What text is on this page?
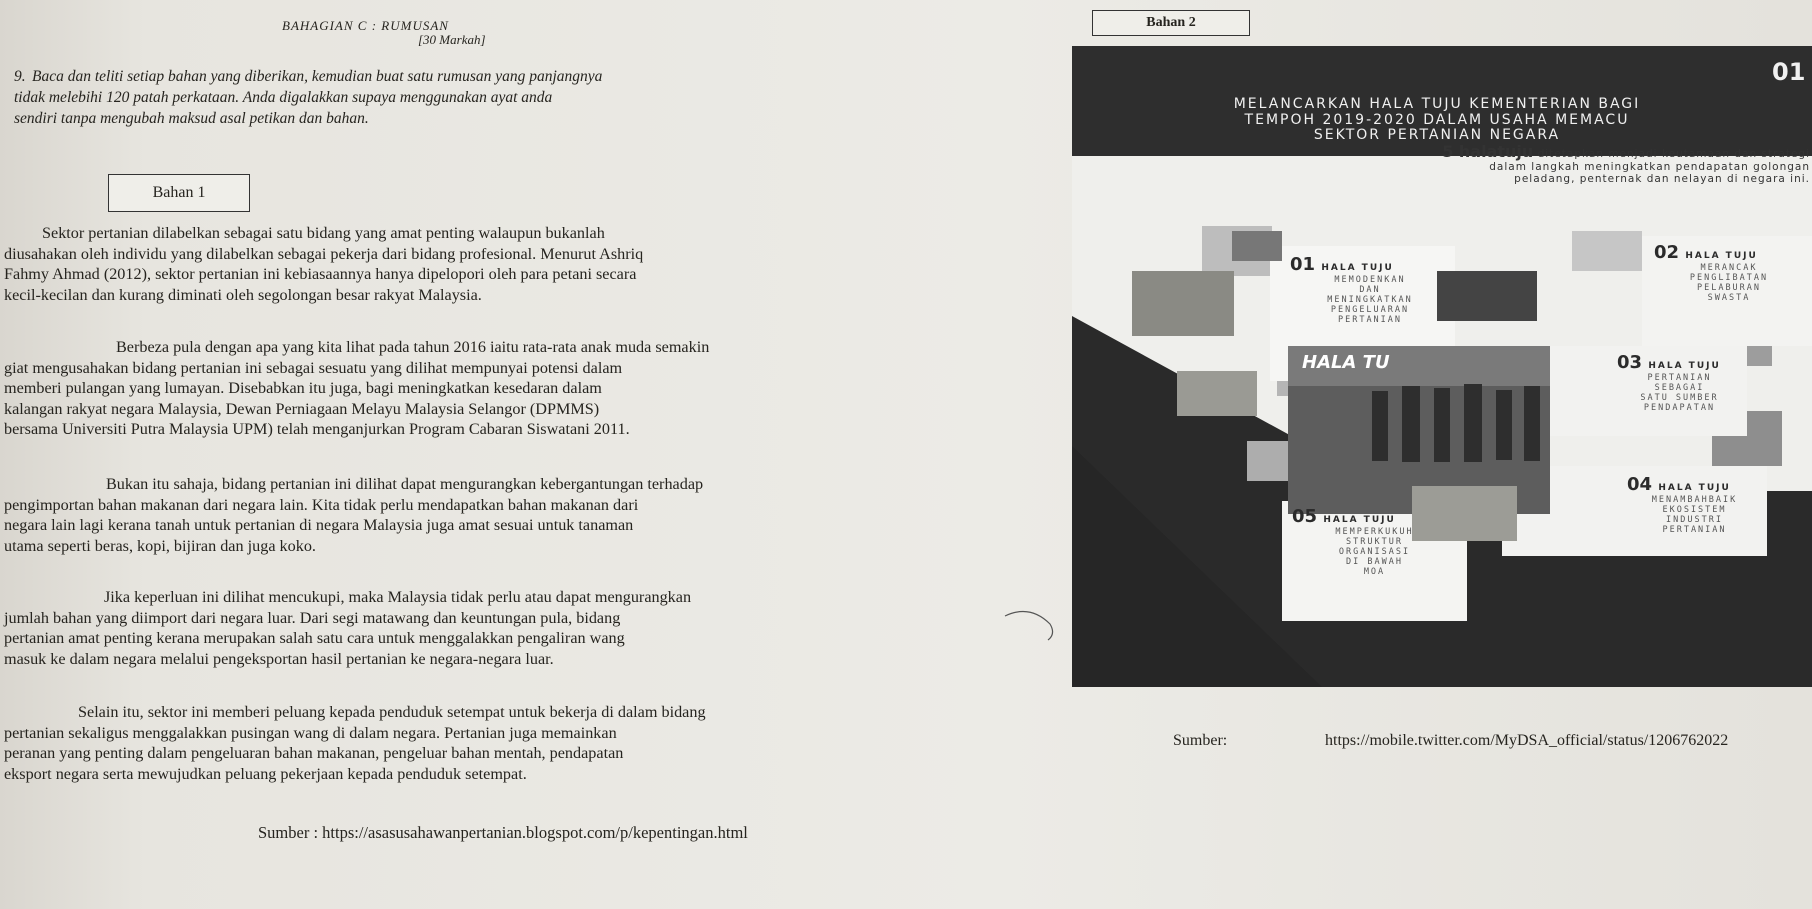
BAHAGIAN C : RUMUSAN
[30 Markah]
9. Baca dan teliti setiap bahan yang diberikan, kemudian buat satu rumusan yang panjangnya
tidak melebihi 120 patah perkataan. Anda digalakkan supaya menggunakan ayat anda
sendiri tanpa mengubah maksud asal petikan dan bahan.
Bahan 1
Sektor pertanian dilabelkan sebagai satu bidang yang amat penting walaupun bukanlah
diusahakan oleh individu yang dilabelkan sebagai pekerja dari bidang profesional. Menurut Ashriq
Fahmy Ahmad (2012), sektor pertanian ini kebiasaannya hanya dipelopori oleh para petani secara
kecil-kecilan dan kurang diminati oleh segolongan besar rakyat Malaysia.
Berbeza pula dengan apa yang kita lihat pada tahun 2016 iaitu rata-rata anak muda semakin
giat mengusahakan bidang pertanian ini sebagai sesuatu yang dilihat mempunyai potensi dalam
memberi pulangan yang lumayan. Disebabkan itu juga, bagi meningkatkan kesedaran dalam
kalangan rakyat negara Malaysia, Dewan Perniagaan Melayu Malaysia Selangor (DPMMS)
bersama Universiti Putra Malaysia UPM) telah menganjurkan Program Cabaran Siswatani 2011.
Bukan itu sahaja, bidang pertanian ini dilihat dapat mengurangkan kebergantungan terhadap
pengimportan bahan makanan dari negara lain. Kita tidak perlu mendapatkan bahan makanan dari
negara lain lagi kerana tanah untuk pertanian di negara Malaysia juga amat sesuai untuk tanaman
utama seperti beras, kopi, bijiran dan juga koko.
Jika keperluan ini dilihat mencukupi, maka Malaysia tidak perlu atau dapat mengurangkan
jumlah bahan yang diimport dari negara luar. Dari segi matawang dan keuntungan pula, bidang
pertanian amat penting kerana merupakan salah satu cara untuk menggalakkan pengaliran wang
masuk ke dalam negara melalui pengeksportan hasil pertanian ke negara-negara luar.
Selain itu, sektor ini memberi peluang kepada penduduk setempat untuk bekerja di dalam bidang
pertanian sekaligus menggalakkan pusingan wang di dalam negara. Pertanian juga memainkan
peranan yang penting dalam pengeluaran bahan makanan, pengeluar bahan mentah, pendapatan
eksport negara serta mewujudkan peluang pekerjaan kepada penduduk setempat.
Sumber : https://asasusahawanpertanian.blogspot.com/p/kepentingan.html
Bahan 2
MELANCARKAN HALA TUJU KEMENTERIAN BAGI
TEMPOH 2019-2020 DALAM USAHA MEMACU
SEKTOR PERTANIAN NEGARA
01
5 halatuju ditetapkan menjadi keutamaan dan strategi
dalam langkah meningkatkan pendapatan golongan
peladang, penternak dan nelayan di negara ini.
HALA TU
01 HALA TUJU
MEMODENKAN
DAN
MENINGKATKAN
PENGELUARAN
PERTANIAN
02 HALA TUJU
MERANCAK
PENGLIBATAN
PELABURAN
SWASTA
03 HALA TUJU
PERTANIAN
SEBAGAI
SATU SUMBER
PENDAPATAN
04 HALA TUJU
MENAMBAHBAIK
EKOSISTEM
INDUSTRI
PERTANIAN
05 HALA TUJU
MEMPERKUKUH
STRUKTUR
ORGANISASI
DI BAWAH
MOA
Sumber:	https://mobile.twitter.com/MyDSA_official/status/1206762022
